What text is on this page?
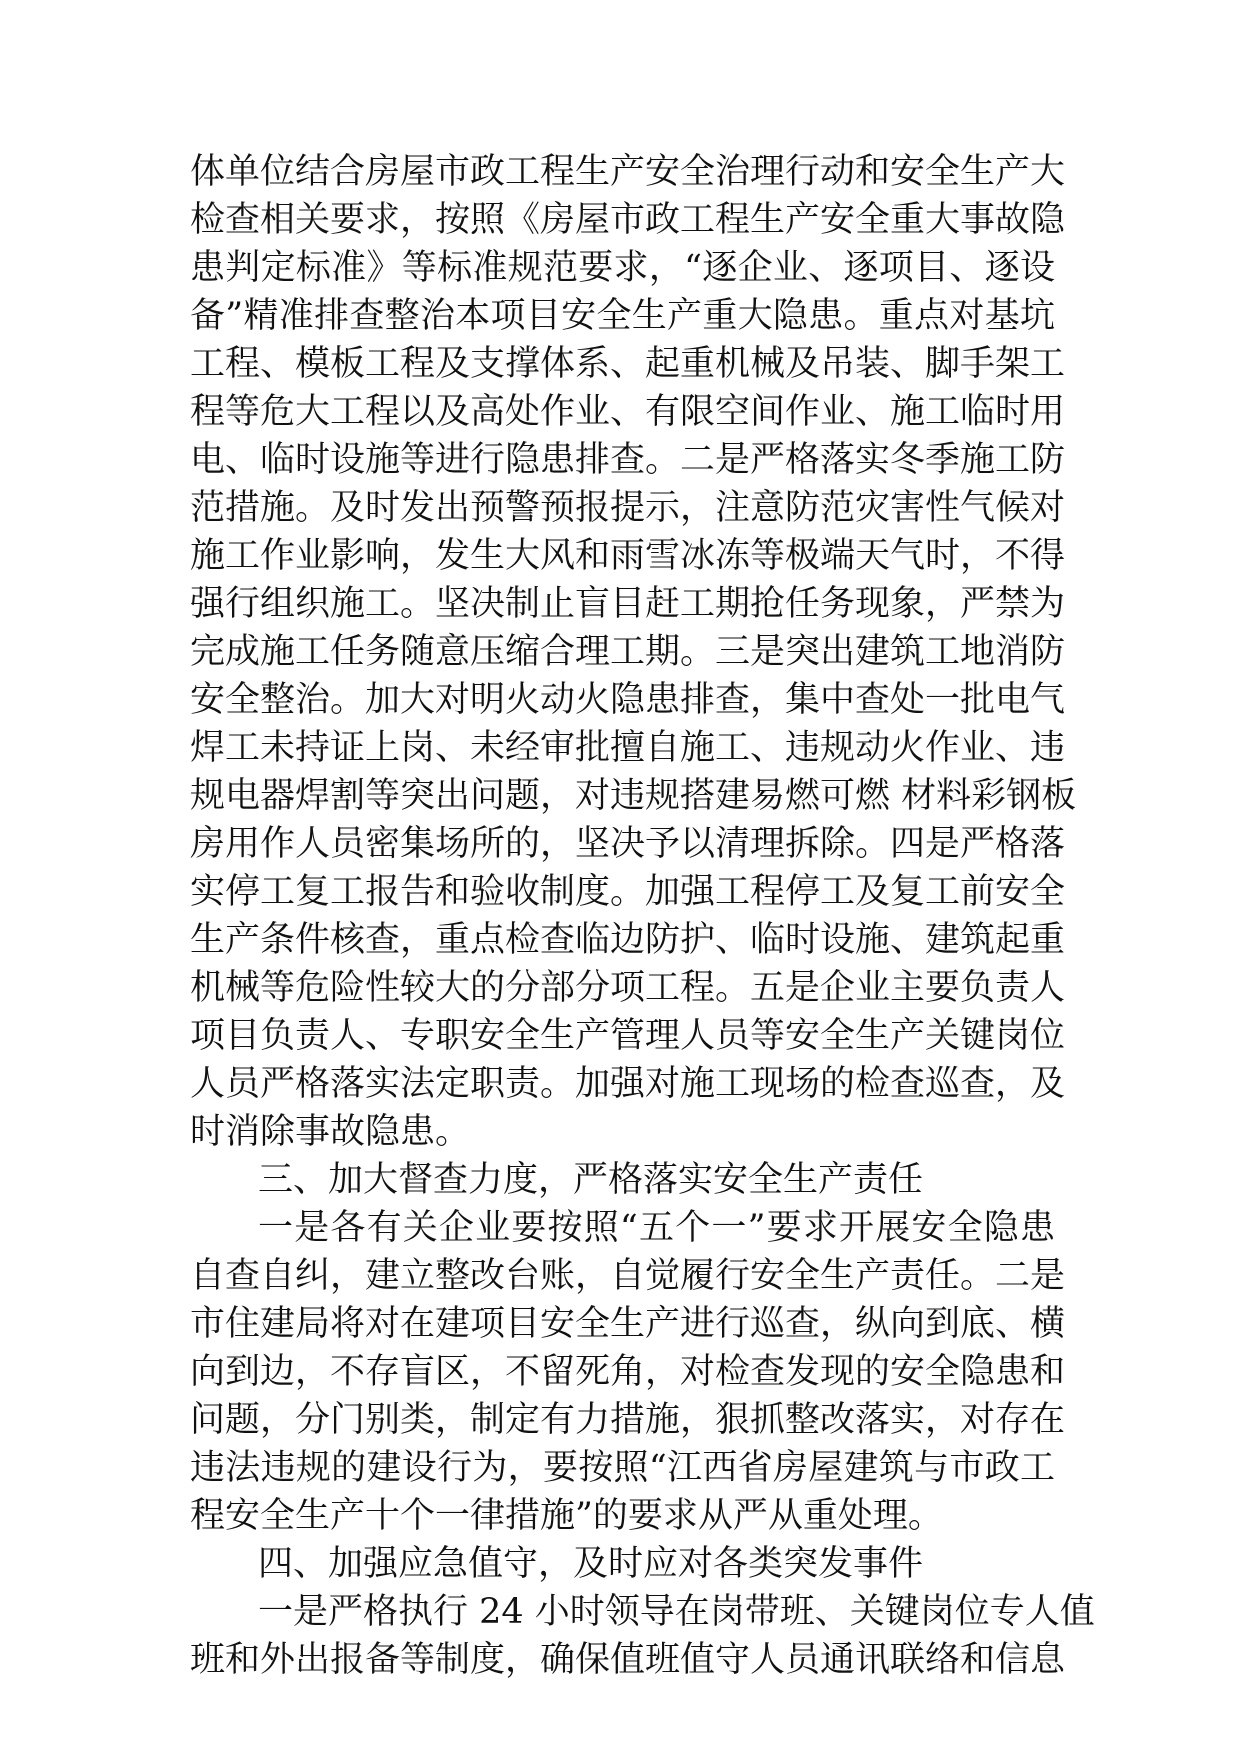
体单位结合房屋市政工程生产安全治理行动和安全生产大
检查相关要求，按照《房屋市政工程生产安全重大事故隐
患判定标准》等标准规范要求，“逐企业、逐项目、逐设
备”精准排查整治本项目安全生产重大隐患。重点对基坑
工程、模板工程及支撑体系、起重机械及吊装、脚手架工
程等危大工程以及高处作业、有限空间作业、施工临时用
电、临时设施等进行隐患排查。二是严格落实冬季施工防
范措施。及时发出预警预报提示，注意防范灾害性气候对
施工作业影响，发生大风和雨雪冰冻等极端天气时，不得
强行组织施工。坚决制止盲目赶工期抢任务现象，严禁为
完成施工任务随意压缩合理工期。三是突出建筑工地消防
安全整治。加大对明火动火隐患排查，集中查处一批电气
焊工未持证上岗、未经审批擅自施工、违规动火作业、违
规电器焊割等突出问题，对违规搭建易燃可燃 材料彩钢板
房用作人员密集场所的，坚决予以清理拆除。四是严格落
实停工复工报告和验收制度。加强工程停工及复工前安全
生产条件核查，重点检查临边防护、临时设施、建筑起重
机械等危险性较大的分部分项工程。五是企业主要负责人
项目负责人、专职安全生产管理人员等安全生产关键岗位
人员严格落实法定职责。加强对施工现场的检查巡查，及
时消除事故隐患。
三、加大督查力度，严格落实安全生产责任
一是各有关企业要按照“五个一”要求开展安全隐患
自查自纠，建立整改台账，自觉履行安全生产责任。二是
市住建局将对在建项目安全生产进行巡查，纵向到底、横
向到边，不存盲区，不留死角，对检查发现的安全隐患和
问题，分门别类，制定有力措施，狠抓整改落实，对存在
违法违规的建设行为，要按照“江西省房屋建筑与市政工
程安全生产十个一律措施”的要求从严从重处理。
四、加强应急值守，及时应对各类突发事件
一是严格执行 24 小时领导在岗带班、关键岗位专人值
班和外出报备等制度，确保值班值守人员通讯联络和信息
